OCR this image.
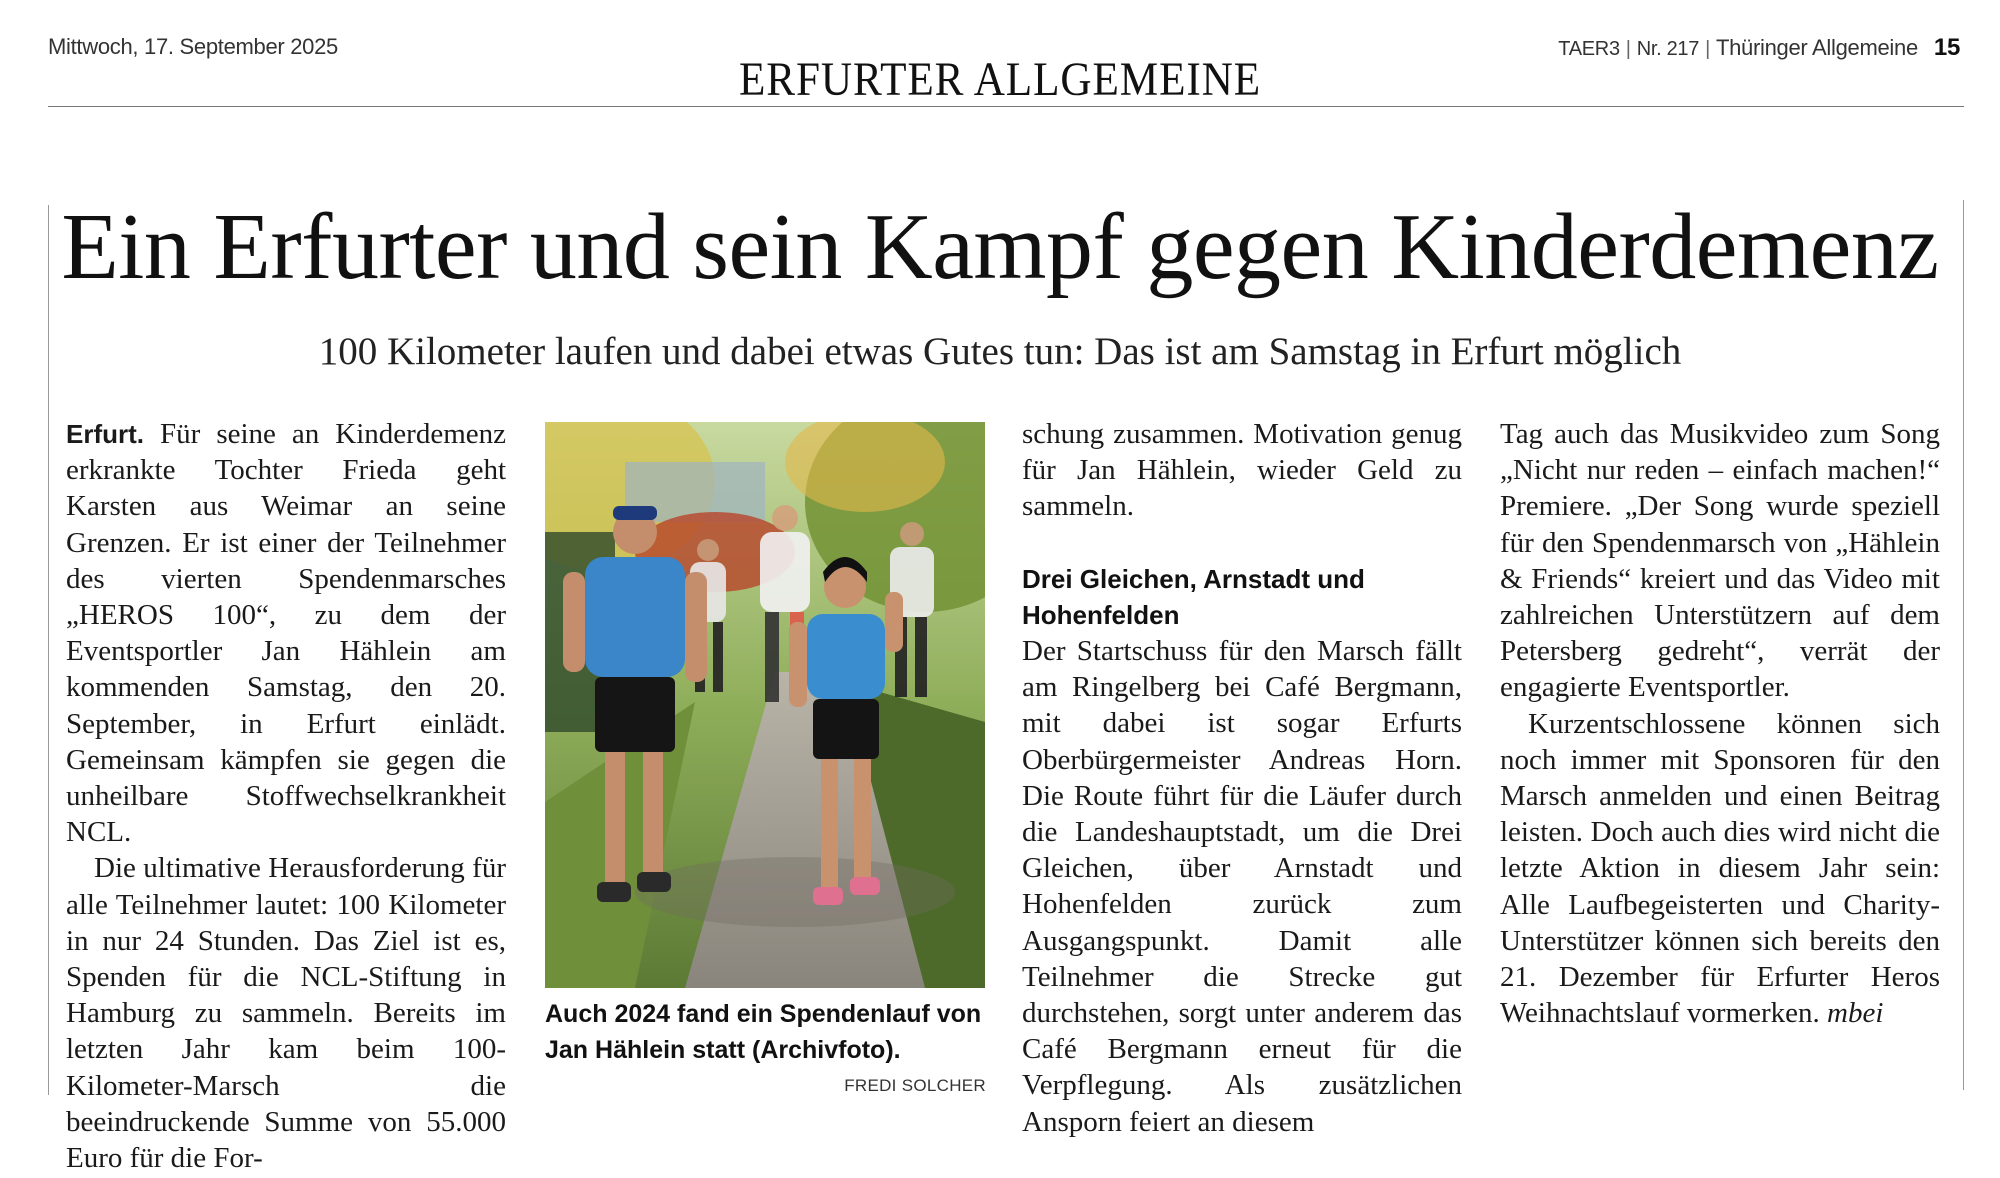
Mittwoch, 17. September 2025
ERFURTER ALLGEMEINE
TAER3 | Nr. 217 | Thüringer Allgemeine 15
Ein Erfurter und sein Kampf gegen Kinderdemenz
100 Kilometer laufen und dabei etwas Gutes tun: Das ist am Samstag in Erfurt möglich

Erfurt. Für seine an Kinderdemenz erkrankte Tochter Frieda geht Karsten aus Weimar an seine Grenzen. Er ist einer der Teilnehmer des vierten Spendenmarsches „HEROS 100“, zu dem der Eventsportler Jan Hählein am kommenden Samstag, den 20. September, in Erfurt einlädt. Gemeinsam kämpfen sie gegen die unheilbare Stoffwechselkrankheit NCL.

Die ultimative Herausforderung für alle Teilnehmer lautet: 100 Kilometer in nur 24 Stunden. Das Ziel ist es, Spenden für die NCL-Stiftung in Hamburg zu sammeln. Bereits im letzten Jahr kam beim 100-Kilometer-Marsch die beeindruckende Summe von 55.000 Euro für die For-

Auch 2024 fand ein Spendenlauf von Jan Hählein statt (Archivfoto).
FREDI SOLCHER

schung zusammen. Motivation genug für Jan Hählein, wieder Geld zu sammeln.

Drei Gleichen, Arnstadt und Hohenfelden

Der Startschuss für den Marsch fällt am Ringelberg bei Café Bergmann, mit dabei ist sogar Erfurts Oberbürgermeister Andreas Horn. Die Route führt für die Läufer durch die Landeshauptstadt, um die Drei Gleichen, über Arnstadt und Hohenfelden zurück zum Ausgangspunkt. Damit alle Teilnehmer die Strecke gut durchstehen, sorgt unter anderem das Café Bergmann erneut für die Verpflegung. Als zusätzlichen Ansporn feiert an diesem

Tag auch das Musikvideo zum Song „Nicht nur reden – einfach machen!“ Premiere. „Der Song wurde speziell für den Spendenmarsch von „Hählein & Friends“ kreiert und das Video mit zahlreichen Unterstützern auf dem Petersberg gedreht“, verrät der engagierte Eventsportler.

Kurzentschlossene können sich noch immer mit Sponsoren für den Marsch anmelden und einen Beitrag leisten. Doch auch dies wird nicht die letzte Aktion in diesem Jahr sein: Alle Laufbegeisterten und Charity-Unterstützer können sich bereits den 21. Dezember für Erfurter Heros Weihnachtslauf vormerken. mbei
